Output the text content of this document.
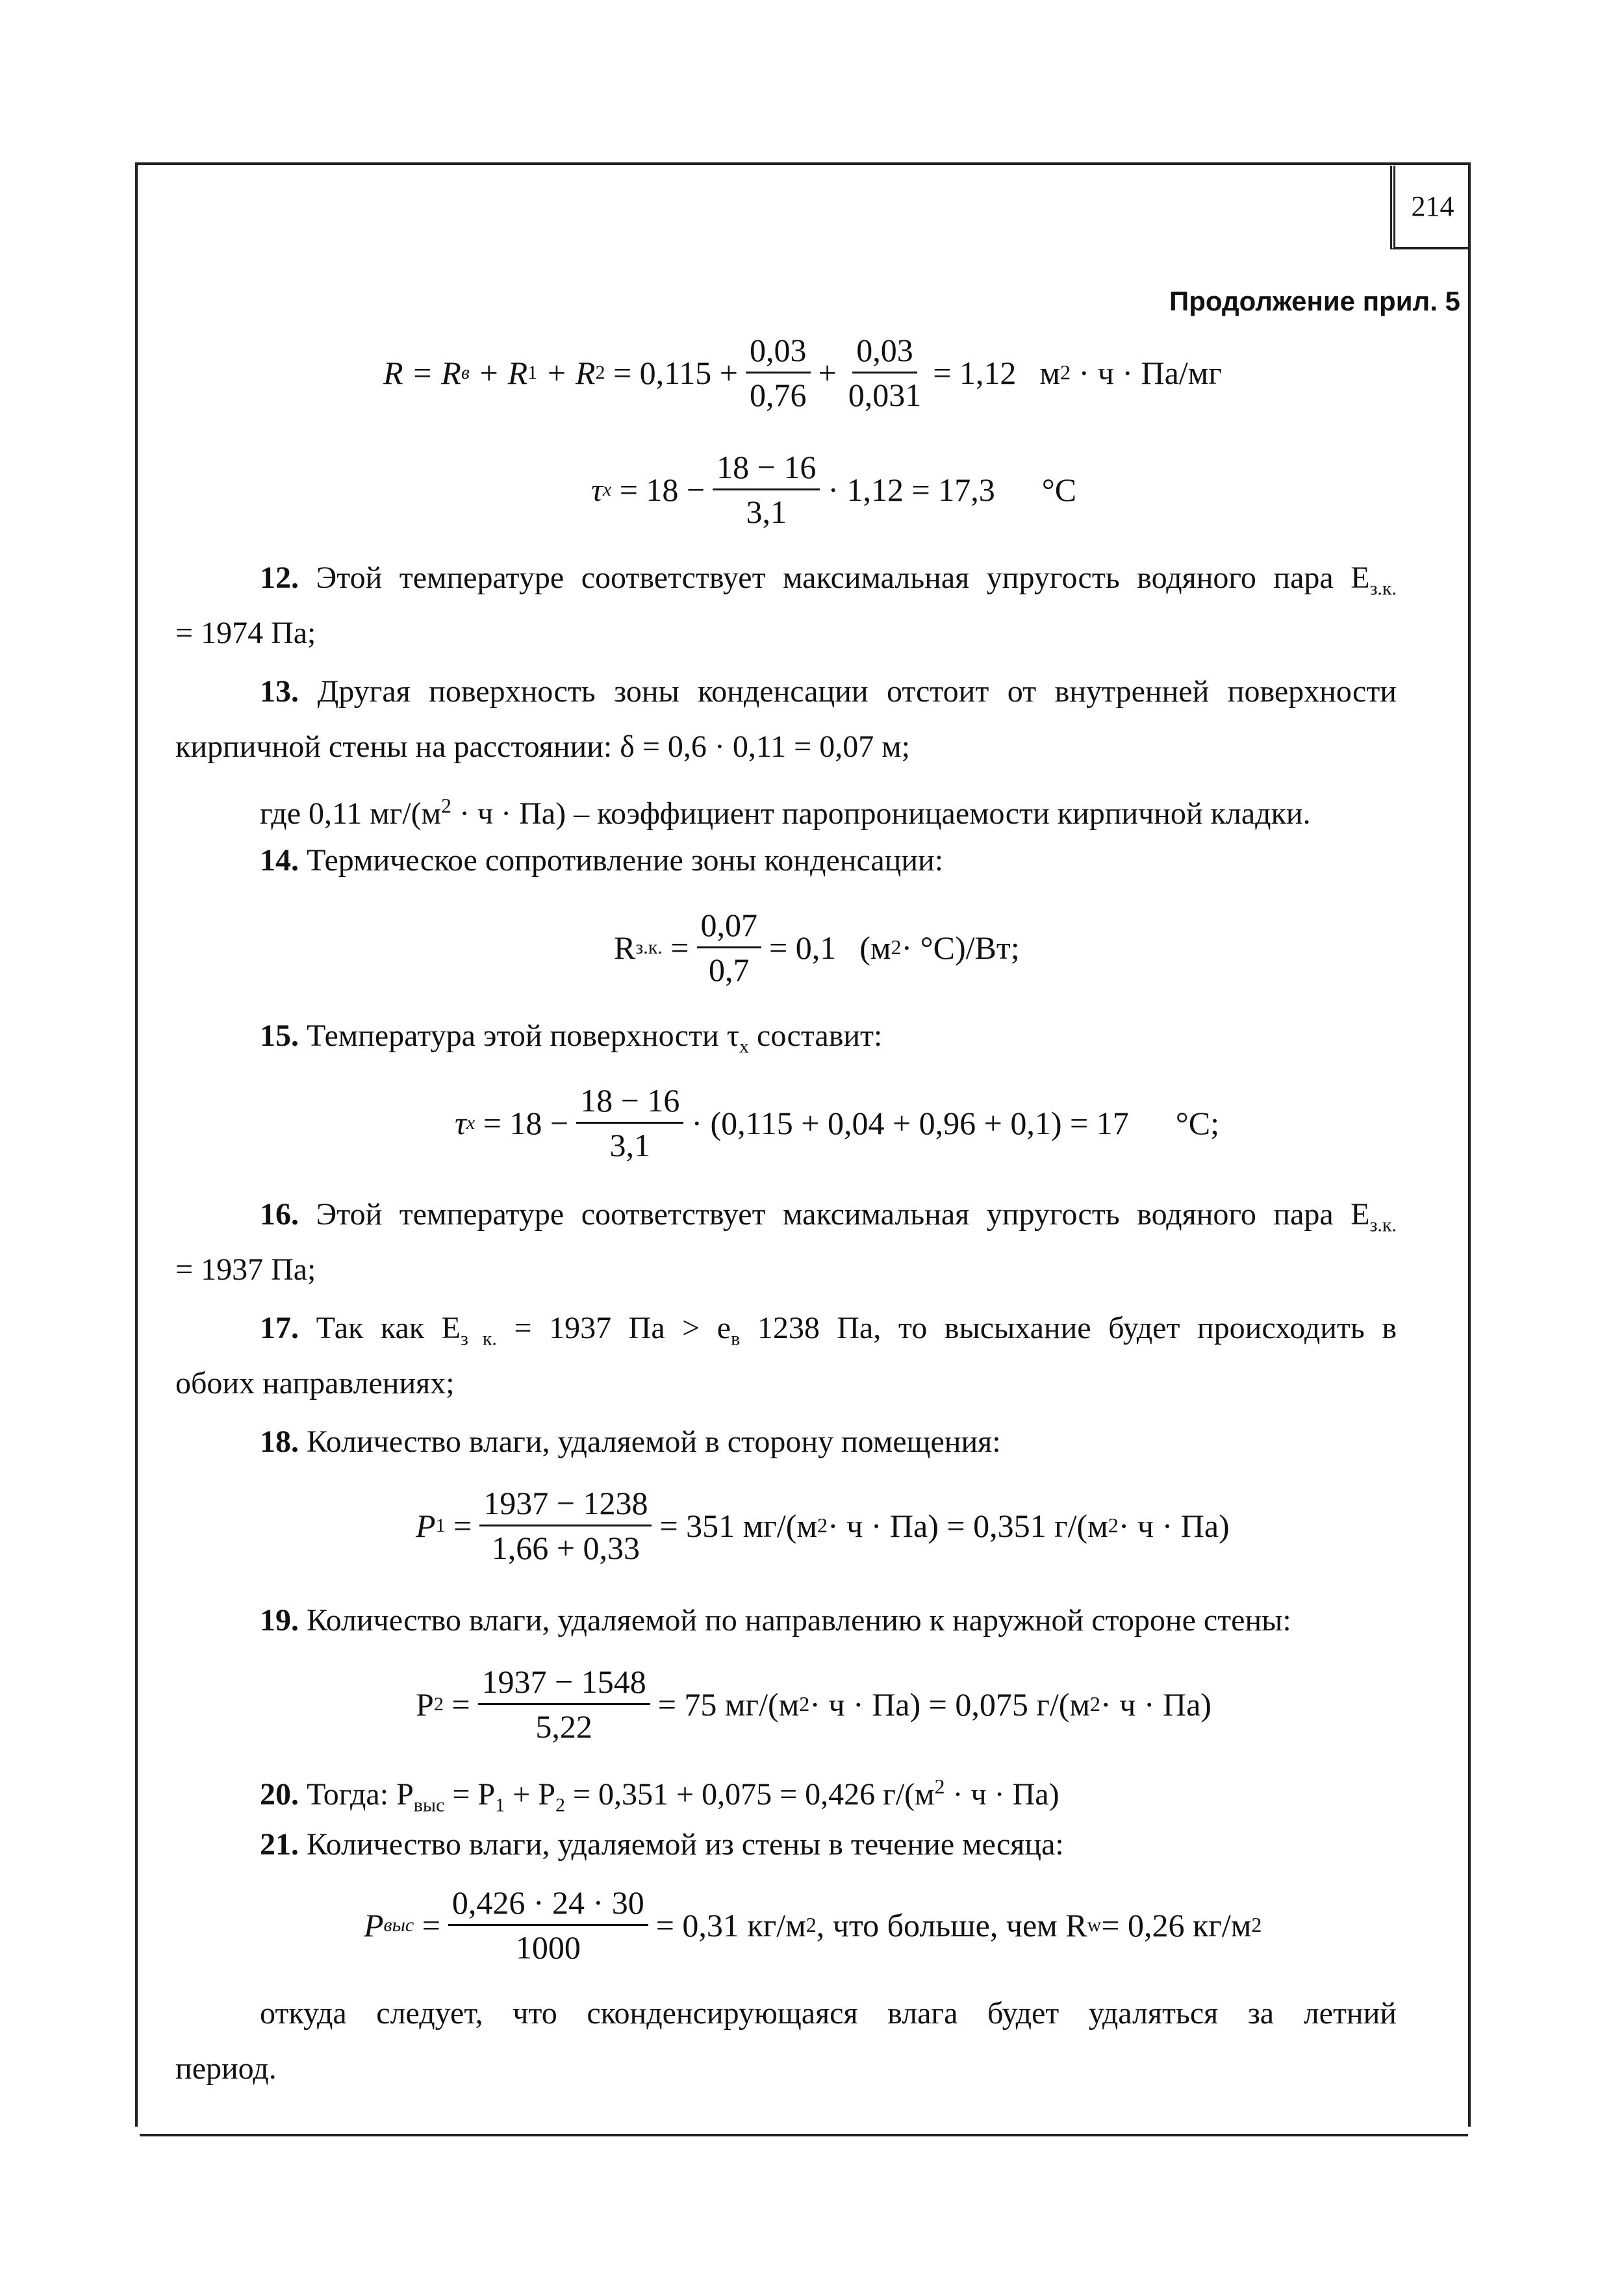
214
Продолжение прил. 5
R = R в
+ R 1
+ R 2
= $0,115 + \frac{0,03}{0,76} + \frac{0,03}{0,031} = 1,12$ м 2
· ч · Па/мг
τ x
= $18 - \frac{18 - 16}{3,1} \cdot 1,12 = 17,3$ °С
12. Этой температуре соответствует максимальная упругость водяного пара $Е_{з.к.}$
= 1974 Па;
13. Другая поверхность зоны конденсации отстоит от внутренней поверхности
кирпичной стены на расстоянии: δ = 0,6 · 0,11 = 0,07 м;
где 0,11 $мг/(м^2 \cdot ч \cdot Па)$ – коэффициент паропроницаемости кирпичной кладки.
14. Термическое сопротивление зоны конденсации:
R з.к.
= $\frac{0,07}{0,7} = 0,1$ (м 2 · °С)/Вт;
15. Температура этой поверхности $\tau_x$ составит:
τ x
= $18 - \frac{18 - 16}{3,1} \cdot (0,115 + 0,04 + 0,96 + 0,1) = 17$ °С;
16. Этой температуре соответствует максимальная упругость водяного пара $Е_{з.к.}$
= 1937 Па;
17. Так как $Е_{з к.} = 1937$ Па > $е_в$ 1238 Па, то высыхание будет происходить в
обоих направлениях;
18. Количество влаги, удаляемой в сторону помещения:
P 1
= $\frac{1937 - 1238}{1,66 + 0,33} = 351$ мг/(м 2 · ч · Па) = 0,351 г/(м 2 · ч · Па)
19. Количество влаги, удаляемой по направлению к наружной стороне стены:
P 2
= $\frac{1937 - 1548}{5,22} = 75$ мг/(м 2 · ч · Па) = 0,075 г/(м 2 · ч · Па)
20. Тогда: $P_{выс} = P_1 + P_2 = 0,351 + 0,075 = 0,426$ $г/(м^2 \cdot ч \cdot Па)$
21. Количество влаги, удаляемой из стены в течение месяца:
P выс
= $\frac{0,426 \cdot 24 \cdot 30}{1000} = 0,31$ кг/м 2 , что больше, чем R w = 0,26 кг/м 2
откуда следует, что сконденсирующаяся влага будет удаляться за летний
период.
